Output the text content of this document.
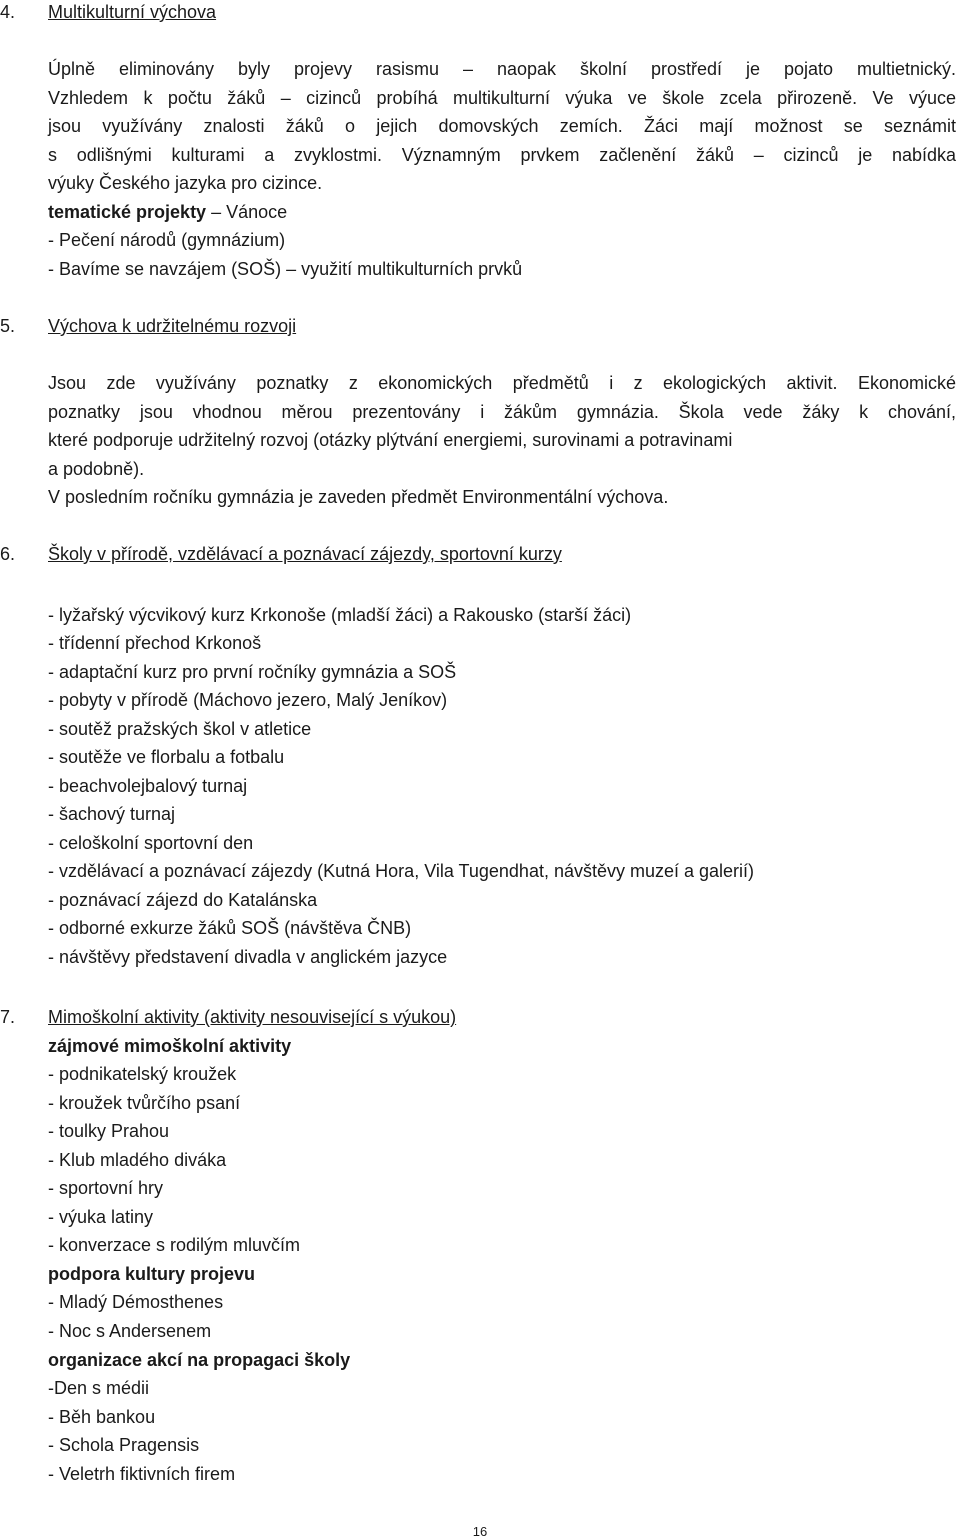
4. Multikulturní výchova
Úplně eliminovány byly projevy rasismu – naopak školní prostředí je pojato multietnický.
Vzhledem k počtu žáků – cizinců probíhá multikulturní výuka ve škole zcela přirozeně. Ve výuce
jsou využívány znalosti žáků o jejich domovských zemích. Žáci mají možnost se seznámit
s odlišnými kulturami a zvyklostmi. Významným prvkem začlenění žáků – cizinců je nabídka
výuky Českého jazyka pro cizince.
tematické projekty – Vánoce
- Pečení národů (gymnázium)
- Bavíme se navzájem (SOŠ) – využití multikulturních prvků
5. Výchova k udržitelnému rozvoji
Jsou zde využívány poznatky z ekonomických předmětů i z ekologických aktivit. Ekonomické
poznatky jsou vhodnou měrou prezentovány i žákům gymnázia. Škola vede žáky k chování,
které podporuje udržitelný rozvoj (otázky plýtvání energiemi, surovinami a potravinami
a podobně).
V posledním ročníku gymnázia je zaveden předmět Environmentální výchova.
6. Školy v přírodě, vzdělávací a poznávací zájezdy, sportovní kurzy
- lyžařský výcvikový kurz Krkonoše (mladší žáci) a Rakousko (starší žáci)
- třídenní přechod Krkonoš
- adaptační kurz pro první ročníky gymnázia a SOŠ
- pobyty v přírodě (Máchovo jezero, Malý Jeníkov)
- soutěž pražských škol v atletice
- soutěže ve florbalu a fotbalu
- beachvolejbalový turnaj
- šachový turnaj
- celoškolní sportovní den
- vzdělávací a poznávací zájezdy (Kutná Hora, Vila Tugendhat, návštěvy muzeí a galerií)
- poznávací zájezd do Katalánska
- odborné exkurze žáků SOŠ (návštěva ČNB)
- návštěvy představení divadla v anglickém jazyce
7. Mimoškolní aktivity (aktivity nesouvisející s výukou)
zájmové mimoškolní aktivity
- podnikatelský kroužek
- kroužek tvůrčího psaní
- toulky Prahou
- Klub mladého diváka
- sportovní hry
- výuka latiny
- konverzace s rodilým mluvčím
podpora kultury projevu
- Mladý Démosthenes
- Noc s Andersenem
organizace akcí na propagaci školy
-Den s médii
- Běh bankou
- Schola Pragensis
- Veletrh fiktivních firem
16
